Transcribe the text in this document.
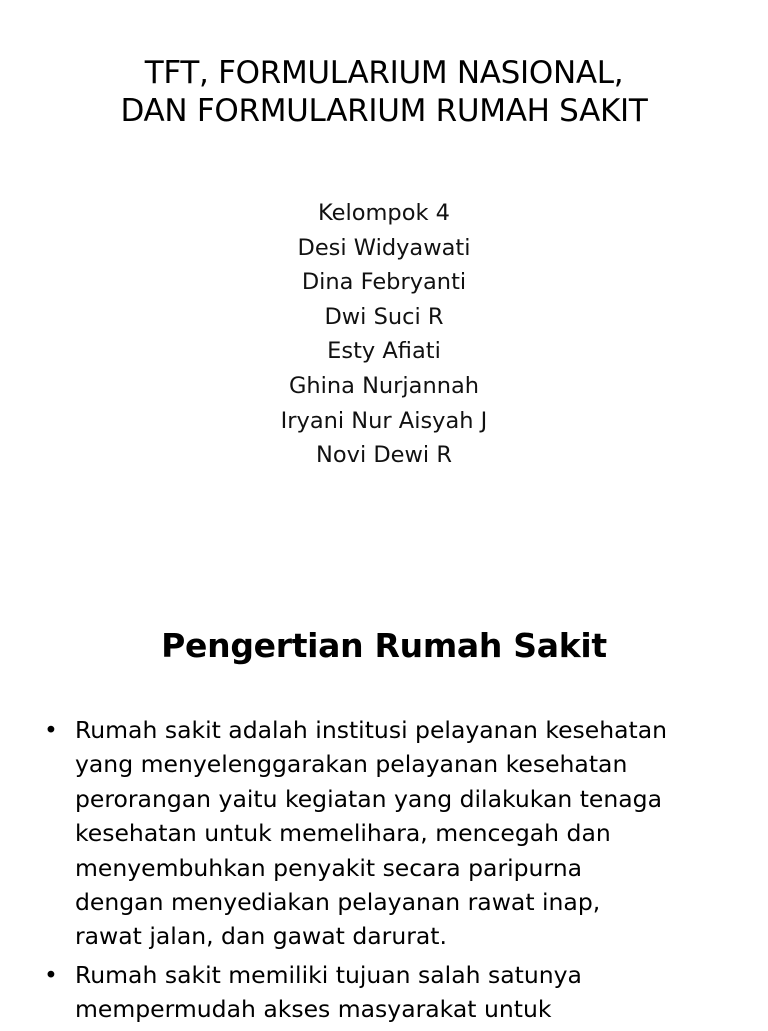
TFT, FORMULARIUM NASIONAL,
DAN FORMULARIUM RUMAH SAKIT
Kelompok 4
Desi Widyawati
Dina Febryanti
Dwi Suci R
Esty Afiati
Ghina Nurjannah
Iryani Nur Aisyah J
Novi Dewi R
Pengertian Rumah Sakit
• Rumah sakit adalah institusi pelayanan kesehatan
yang menyelenggarakan pelayanan kesehatan
perorangan yaitu kegiatan yang dilakukan tenaga
kesehatan untuk memelihara, mencegah dan
menyembuhkan penyakit secara paripurna
dengan menyediakan pelayanan rawat inap,
rawat jalan, dan gawat darurat.
• Rumah sakit memiliki tujuan salah satunya
mempermudah akses masyarakat untuk
